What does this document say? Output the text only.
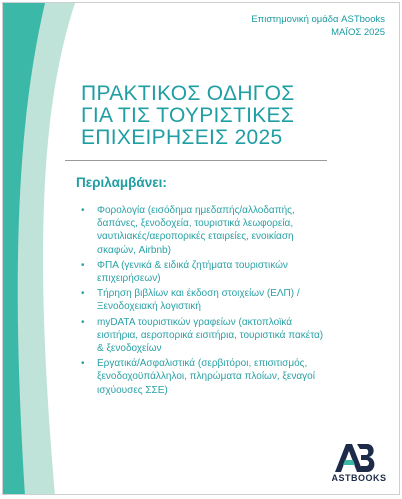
Επιστημονική ομάδα ASTbooks
ΜΑΪΟΣ 2025
ΠΡΑΚΤΙΚΟΣ ΟΔΗΓΟΣ
ΓΙΑ ΤΙΣ ΤΟΥΡΙΣΤΙΚΕΣ
ΕΠΙΧΕΙΡΗΣΕΙΣ 2025
Περιλαμβάνει:
• Φορολογία (εισόδημα ημεδαπής/αλλοδαπής,
δαπάνες, ξενοδοχεία, τουριστικά λεωφορεία,
ναυτιλιακές/αεροπορικές εταιρείες, ενοικίαση
σκαφών, Airbnb)
• ΦΠΑ (γενικά & ειδικά ζητήματα τουριστικών
επιχειρήσεων)
• Τήρηση βιβλίων και έκδοση στοιχείων (ΕΛΠ) /
Ξενοδοχειακή λογιστική
• myDATA τουριστικών γραφείων (ακτοπλοϊκά
εισιτήρια, αεροπορικά εισιτήρια, τουριστικά πακέτα)
& ξενοδοχείων
• Εργατικά/Ασφαλιστικά (σερβιτόροι, επισιτισμός,
ξενοδοχοϋπάλληλοι, πληρώματα πλοίων, ξεναγοί
ισχύουσες ΣΣΕ)
ASTBOOKS
